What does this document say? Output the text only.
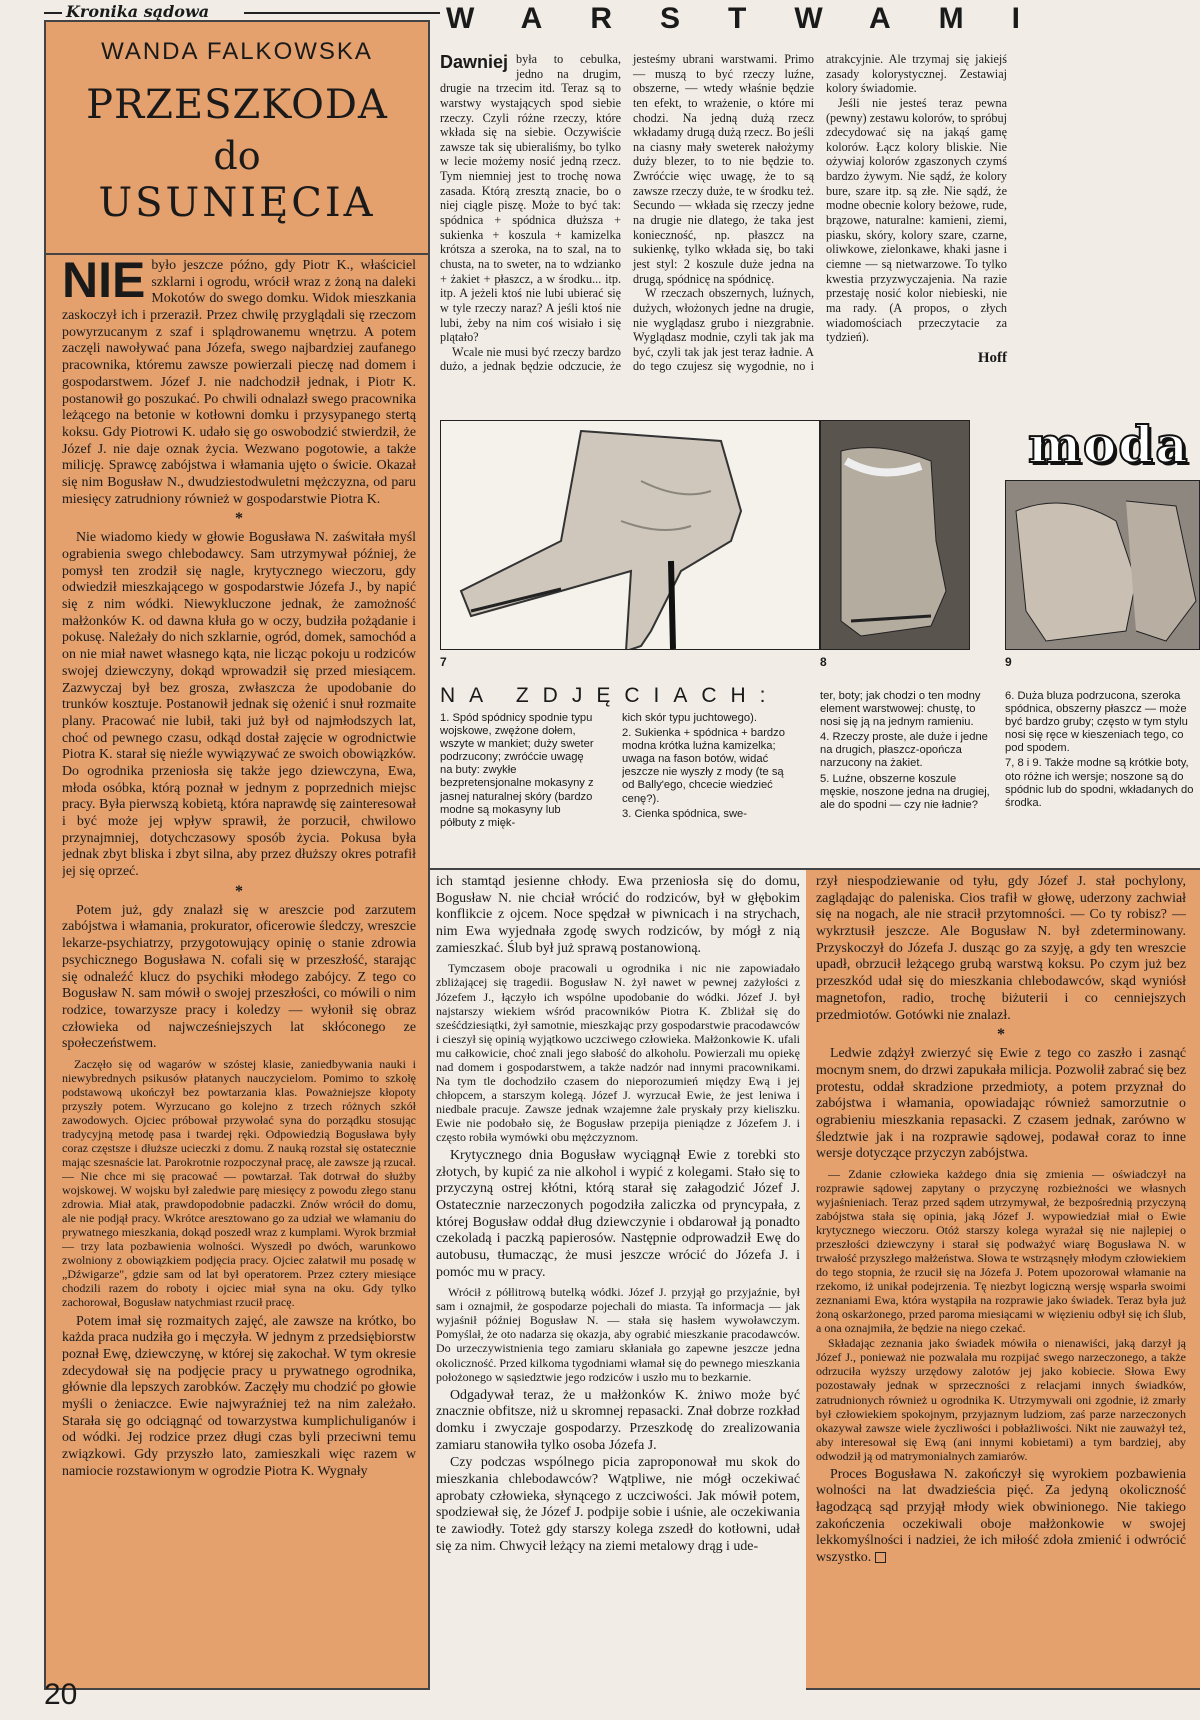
Kronika sądowa
WANDA FALKOWSKA
PRZESZKODA
do
USUNIĘCIA
NIE było jeszcze późno, gdy Piotr K., właściciel szklarni i ogrodu, wrócił wraz z żoną na daleki Mokotów do swego domku. Widok mieszkania zaskoczył ich i przeraził. Przez chwilę przyglądali się rzeczom powyrzucanym z szaf i splądrowanemu wnętrzu. A potem zaczęli nawoływać pana Józefa, swego najbardziej zaufanego pracownika, któremu zawsze powierzali pieczę nad domem i gospodarstwem. Józef J. nie nadchodził jednak, i Piotr K. postanowił go poszukać. Po chwili odnalazł swego pracownika leżącego na betonie w kotłowni domku i przysypanego stertą koksu. Gdy Piotrowi K. udało się go oswobodzić stwierdził, że Józef J. nie daje oznak życia. Wezwano pogotowie, a także milicję. Sprawcę zabójstwa i włamania ujęto o świcie. Okazał się nim Bogusław N., dwudziestodwuletni mężczyzna, od paru miesięcy zatrudniony również w gospodarstwie Piotra K.
*

Nie wiadomo kiedy w głowie Bogusława N. zaświtała myśl ograbienia swego chlebodawcy. Sam utrzymywał później, że pomysł ten zrodził się nagle, krytycznego wieczoru, gdy odwiedził mieszkającego w gospodarstwie Józefa J., by napić się z nim wódki. Niewykluczone jednak, że zamożność małżonków K. od dawna kłuła go w oczy, budziła pożądanie i pokusę. Należały do nich szklarnie, ogród, domek, samochód a on nie miał nawet własnego kąta, nie licząc pokoju u rodziców swojej dziewczyny, dokąd wprowadził się przed miesiącem. Zazwyczaj był bez grosza, zwłaszcza że upodobanie do trunków kosztuje. Postanowił jednak się ożenić i snuł rozmaite plany. Pracować nie lubił, taki już był od najmłodszych lat, choć od pewnego czasu, odkąd dostał zajęcie w ogrodnictwie Piotra K. starał się nieźle wywiązywać ze swoich obowiązków. Do ogrodnika przeniosła się także jego dziewczyna, Ewa, młoda osóbka, którą poznał w jednym z poprzednich miejsc pracy. Była pierwszą kobietą, która naprawdę się zainteresował i być może jej wpływ sprawił, że porzucił, chwilowo przynajmniej, dotychczasowy sposób życia. Pokusa była jednak zbyt bliska i zbyt silna, aby przez dłuższy okres potrafił jej się oprzeć.

*

Potem już, gdy znalazł się w areszcie pod zarzutem zabójstwa i włamania, prokurator, oficerowie śledczy, wreszcie lekarze-psychiatrzy, przygotowujący opinię o stanie zdrowia psychicznego Bogusława N. cofali się w przeszłość, starając się odnaleźć klucz do psychiki młodego zabójcy. Z tego co Bogusław N. sam mówił o swojej przeszłości, co mówili o nim rodzice, towarzysze pracy i koledzy — wyłonił się obraz człowieka od najwcześniejszych lat skłóconego ze społeczeństwem.

Zaczęło się od wagarów w szóstej klasie, zaniedbywania nauki i niewybrednych psikusów płatanych nauczycielom. Pomimo to szkołę podstawową ukończył bez powtarzania klas. Poważniejsze kłopoty przyszły potem. Wyrzucano go kolejno z trzech różnych szkół zawodowych. Ojciec próbował przywołać syna do porządku stosując tradycyjną metodę pasa i twardej ręki. Odpowiedzią Bogusława były coraz częstsze i dłuższe ucieczki z domu. Z nauką rozstał się ostatecznie mając szesnaście lat. Parokrotnie rozpoczynał pracę, ale zawsze ją rzucał. — Nie chce mi się pracować — powtarzał. Tak dotrwał do służby wojskowej. W wojsku był zaledwie parę miesięcy z powodu złego stanu zdrowia. Miał atak, prawdopodobnie padaczki. Znów wrócił do domu, ale nie podjął pracy. Wkrótce aresztowano go za udział we włamaniu do prywatnego mieszkania, dokąd poszedł wraz z kumplami. Wyrok brzmiał — trzy lata pozbawienia wolności. Wyszedł po dwóch, warunkowo zwolniony z obowiązkiem podjęcia pracy. Ojciec załatwił mu posadę w „Dźwigarze", gdzie sam od lat był operatorem. Przez cztery miesiące chodzili razem do roboty i ojciec miał syna na oku. Gdy tylko zachorował, Bogusław natychmiast rzucił pracę.

Potem imał się rozmaitych zajęć, ale zawsze na krótko, bo każda praca nudziła go i męczyła. W jednym z przedsiębiorstw poznał Ewę, dziewczynę, w której się zakochał. W tym okresie zdecydował się na podjęcie pracy u prywatnego ogrodnika, głównie dla lepszych zarobków. Zaczęły mu chodzić po głowie myśli o żeniaczce. Ewie najwyraźniej też na nim zależało. Starała się go odciągnąć od towarzystwa kumplichuliganów i od wódki. Jej rodzice przez długi czas byli przeciwni temu związkowi. Gdy przyszło lato, zamieszkali więc razem w namiocie rozstawionym w ogrodzie Piotra K. Wygnały

20
WARSTWAMI
Dawniej była to cebulka, jedno na drugim, drugie na trzecim itd. Teraz są to warstwy wystających spod siebie rzeczy. Czyli różne rzeczy, które wkłada się na siebie. Oczywiście zawsze tak się ubieraliśmy, bo tylko w lecie możemy nosić jedną rzecz. Tym niemniej jest to trochę nowa zasada. Którą zresztą znacie, bo o niej ciągle piszę. Może to być tak: spódnica + spódnica dłuższa + sukienka + koszula + kamizelka krótsza a szeroka, na to szal, na to chusta, na to sweter, na to wdzianko + żakiet + płaszcz, a w środku... itp. itp. A jeżeli ktoś nie lubi ubierać się w tyle rzeczy naraz? A jeśli ktoś nie lubi, żeby na nim coś wisiało i się plątało?

Wcale nie musi być rzeczy bardzo dużo, a jednak będzie odczucie, że jesteśmy ubrani warstwami. Primo — muszą to być rzeczy luźne, obszerne, — wtedy właśnie będzie ten efekt, to wrażenie, o które mi chodzi. Na jedną dużą rzecz wkładamy drugą dużą rzecz. Bo jeśli na ciasny mały sweterek nałożymy duży blezer, to to nie będzie to. Zwróćcie więc uwagę, że to są zawsze rzeczy duże, te w środku też. Secundo — wkłada się rzeczy jedne na drugie nie dlatego, że taka jest konieczność, np. płaszcz na sukienkę, tylko wkłada się, bo taki jest styl: 2 koszule duże jedna na drugą, spódnicę na spódnicę.

W rzeczach obszernych, luźnych, dużych, włożonych jedne na drugie, nie wyglądasz grubo i niezgrabnie. Wyglądasz modnie, czyli tak jak ma być, czyli tak jak jest teraz ładnie. A do tego czujesz się wygodnie, no i atrakcyjnie. Ale trzymaj się jakiejś zasady kolorystycznej. Zestawiaj kolory świadomie.

Jeśli nie jesteś teraz pewna (pewny) zestawu kolorów, to spróbuj zdecydować się na jakąś gamę kolorów. Łącz kolory bliskie. Nie ożywiaj kolorów zgaszonych czymś bardzo żywym. Nie sądź, że kolory bure, szare itp. są złe. Nie sądź, że modne obecnie kolory beżowe, rude, brązowe, naturalne: kamieni, ziemi, piasku, skóry, kolory szare, czarne, oliwkowe, zielonkawe, khaki jasne i ciemne — są nietwarzowe. To tylko kwestia przyzwyczajenia. Na razie przestaję nosić kolor niebieski, nie ma rady. (A propos, o złych wiadomościach przeczytacie za tydzień).

Hoff
7	8
moda
9
NA ZDJĘCIACH:
1. Spód spódnicy spodnie typu wojskowe, zwężone dołem, wszyte w mankiet; duży sweter podrzucony; zwróćcie uwagę na buty: zwykłe bezpretensjonalne mokasyny z jasnej naturalnej skóry (bardzo modne są mokasyny lub półbuty z mięk-
kich skór typu juchtowego).
2. Sukienka + spódnica + bardzo modna krótka luźna kamizelka; uwaga na fason botów, widać jeszcze nie wyszły z mody (te są od Bally'ego, chcecie wiedzieć cenę?).
3. Cienka spódnica, swe-
ter, boty; jak chodzi o ten modny element warstwowej: chustę, to nosi się ją na jednym ramieniu.
4. Rzeczy proste, ale duże i jedne na drugich, płaszcz-opończa narzucony na żakiet.
5. Luźne, obszerne koszule męskie, noszone jedna na drugiej, ale do spodni — czy nie ładnie?
6. Duża bluza podrzucona, szeroka spódnica, obszerny płaszcz — może być bardzo gruby; często w tym stylu nosi się ręce w kieszeniach tego, co pod spodem.
7, 8 i 9. Także modne są krótkie boty, oto różne ich wersje; noszone są do spódnic lub do spodni, wkładanych do środka.

ich stamtąd jesienne chłody. Ewa przeniosła się do domu, Bogusław N. nie chciał wrócić do rodziców, był w głębokim konflikcie z ojcem. Noce spędzał w piwnicach i na strychach, nim Ewa wyjednała zgodę swych rodziców, by mógł z nią zamieszkać. Ślub był już sprawą postanowioną.

Tymczasem oboje pracowali u ogrodnika i nic nie zapowiadało zbliżającej się tragedii. Bogusław N. żył nawet w pewnej zażyłości z Józefem J., łączyło ich wspólne upodobanie do wódki. Józef J. był najstarszy wiekiem wśród pracowników Piotra K. Zbliżał się do sześćdziesiątki, żył samotnie, mieszkając przy gospodarstwie pracodawców i cieszył się opinią wyjątkowo uczciwego człowieka. Małżonkowie K. ufali mu całkowicie, choć znali jego słabość do alkoholu. Powierzali mu opiekę nad domem i gospodarstwem, a także nadzór nad innymi pracownikami. Na tym tle dochodziło czasem do nieporozumień między Ewą i jej chłopcem, a starszym kolegą. Józef J. wyrzucał Ewie, że jest leniwa i niedbale pracuje. Zawsze jednak wzajemne żale pryskały przy kieliszku. Ewie nie podobało się, że Bogusław przepija pieniądze z Józefem J. i często robiła wymówki obu mężczyznom.

Krytycznego dnia Bogusław wyciągnął Ewie z torebki sto złotych, by kupić za nie alkohol i wypić z kolegami. Stało się to przyczyną ostrej kłótni, którą starał się załagodzić Józef J. Ostatecznie narzeczonych pogodziła zaliczka od pryncypała, z której Bogusław oddał dług dziewczynie i obdarował ją ponadto czekoladą i paczką papierosów. Następnie odprowadził Ewę do autobusu, tłumacząc, że musi jeszcze wrócić do Józefa J. i pomóc mu w pracy.

Wrócił z półlitrową butelką wódki. Józef J. przyjął go przyjaźnie, był sam i oznajmił, że gospodarze pojechali do miasta. Ta informacja — jak wyjaśnił później Bogusław N. — stała się hasłem wywoławczym. Pomyślał, że oto nadarza się okazja, aby ograbić mieszkanie pracodawców. Do urzeczywistnienia tego zamiaru skłaniała go zapewne jeszcze jedna okoliczność. Przed kilkoma tygodniami włamał się do pewnego mieszkania położonego w sąsiedztwie jego rodziców i uszło mu to bezkarnie.

Odgadywał teraz, że u małżonków K. żniwo może być znacznie obfitsze, niż u skromnej repasacki. Znał dobrze rozkład domku i zwyczaje gospodarzy. Przeszkodę do zrealizowania zamiaru stanowiła tylko osoba Józefa J.

Czy podczas wspólnego picia zaproponował mu skok do mieszkania chlebodawców? Wątpliwe, nie mógł oczekiwać aprobaty człowieka, słynącego z uczciwości. Jak mówił potem, spodziewał się, że Józef J. podpije sobie i uśnie, ale oczekiwania te zawiodły. Toteż gdy starszy kolega zszedł do kotłowni, udał się za nim. Chwycił leżący na ziemi metalowy drąg i ude-

rzył niespodziewanie od tyłu, gdy Józef J. stał pochylony, zaglądając do paleniska. Cios trafił w głowę, uderzony zachwiał się na nogach, ale nie stracił przytomności. — Co ty robisz? — wykrztusił jeszcze. Ale Bogusław N. był zdeterminowany. Przyskoczył do Józefa J. dusząc go za szyję, a gdy ten wreszcie upadł, obrzucił leżącego grubą warstwą koksu. Po czym już bez przeszkód udał się do mieszkania chlebodawców, skąd wyniósł magnetofon, radio, trochę biżuterii i co cenniejszych przedmiotów. Gotówki nie znalazł.

*

Ledwie zdążył zwierzyć się Ewie z tego co zaszło i zasnąć mocnym snem, do drzwi zapukała milicja. Pozwolił zabrać się bez protestu, oddał skradzione przedmioty, a potem przyznał do zabójstwa i włamania, opowiadając również samorzutnie o ograbieniu mieszkania repasacki. Z czasem jednak, zarówno w śledztwie jak i na rozprawie sądowej, podawał coraz to inne wersje dotyczące przyczyn zabójstwa.

— Zdanie człowieka każdego dnia się zmienia — oświadczył na rozprawie sądowej zapytany o przyczynę rozbieżności we własnych wyjaśnieniach. Teraz przed sądem utrzymywał, że bezpośrednią przyczyną zabójstwa stała się opinia, jaką Józef J. wypowiedział miał o Ewie krytycznego wieczoru. Otóż starszy kolega wyrażał się nie najlepiej o przeszłości dziewczyny i starał się podważyć wiarę Bogusława N. w trwałość przyszłego małżeństwa. Słowa te wstrząsnęły młodym człowiekiem do tego stopnia, że rzucił się na Józefa J. Potem upozorował włamanie na rzekomo, iż unikał podejrzenia. Tę niezbyt logiczną wersję wsparła swoimi zeznaniami Ewa, która wystąpiła na rozprawie jako świadek. Teraz była już żoną oskarżonego, przed paroma miesiącami w więzieniu odbył się ich ślub, a ona oznajmiła, że będzie na niego czekać.

Składając zeznania jako świadek mówiła o nienawiści, jaką darzył ją Józef J., ponieważ nie pozwalała mu rozpijać swego narzeczonego, a także odrzuciła wyższy urzędowy zalotów jej jako kobiecie. Słowa Ewy pozostawały jednak w sprzeczności z relacjami innych świadków, zatrudnionych również u ogrodnika K. Utrzymywali oni zgodnie, iż zmarły był człowiekiem spokojnym, przyjaznym ludziom, zaś parze narzeczonych okazywał zawsze wiele życzliwości i pobłażliwości. Nikt nie zauważył też, aby interesował się Ewą (ani innymi kobietami) a tym bardziej, aby odwodził ją od matrymonialnych zamiarów.

Proces Bogusława N. zakończył się wyrokiem pozbawienia wolności na lat dwadzieścia pięć. Za jedyną okoliczność łagodzącą sąd przyjął młody wiek obwinionego. Nie takiego zakończenia oczekiwali oboje małżonkowie w swojej lekkomyślności i nadziei, że ich miłość zdoła zmienić i odwrócić wszystko.
